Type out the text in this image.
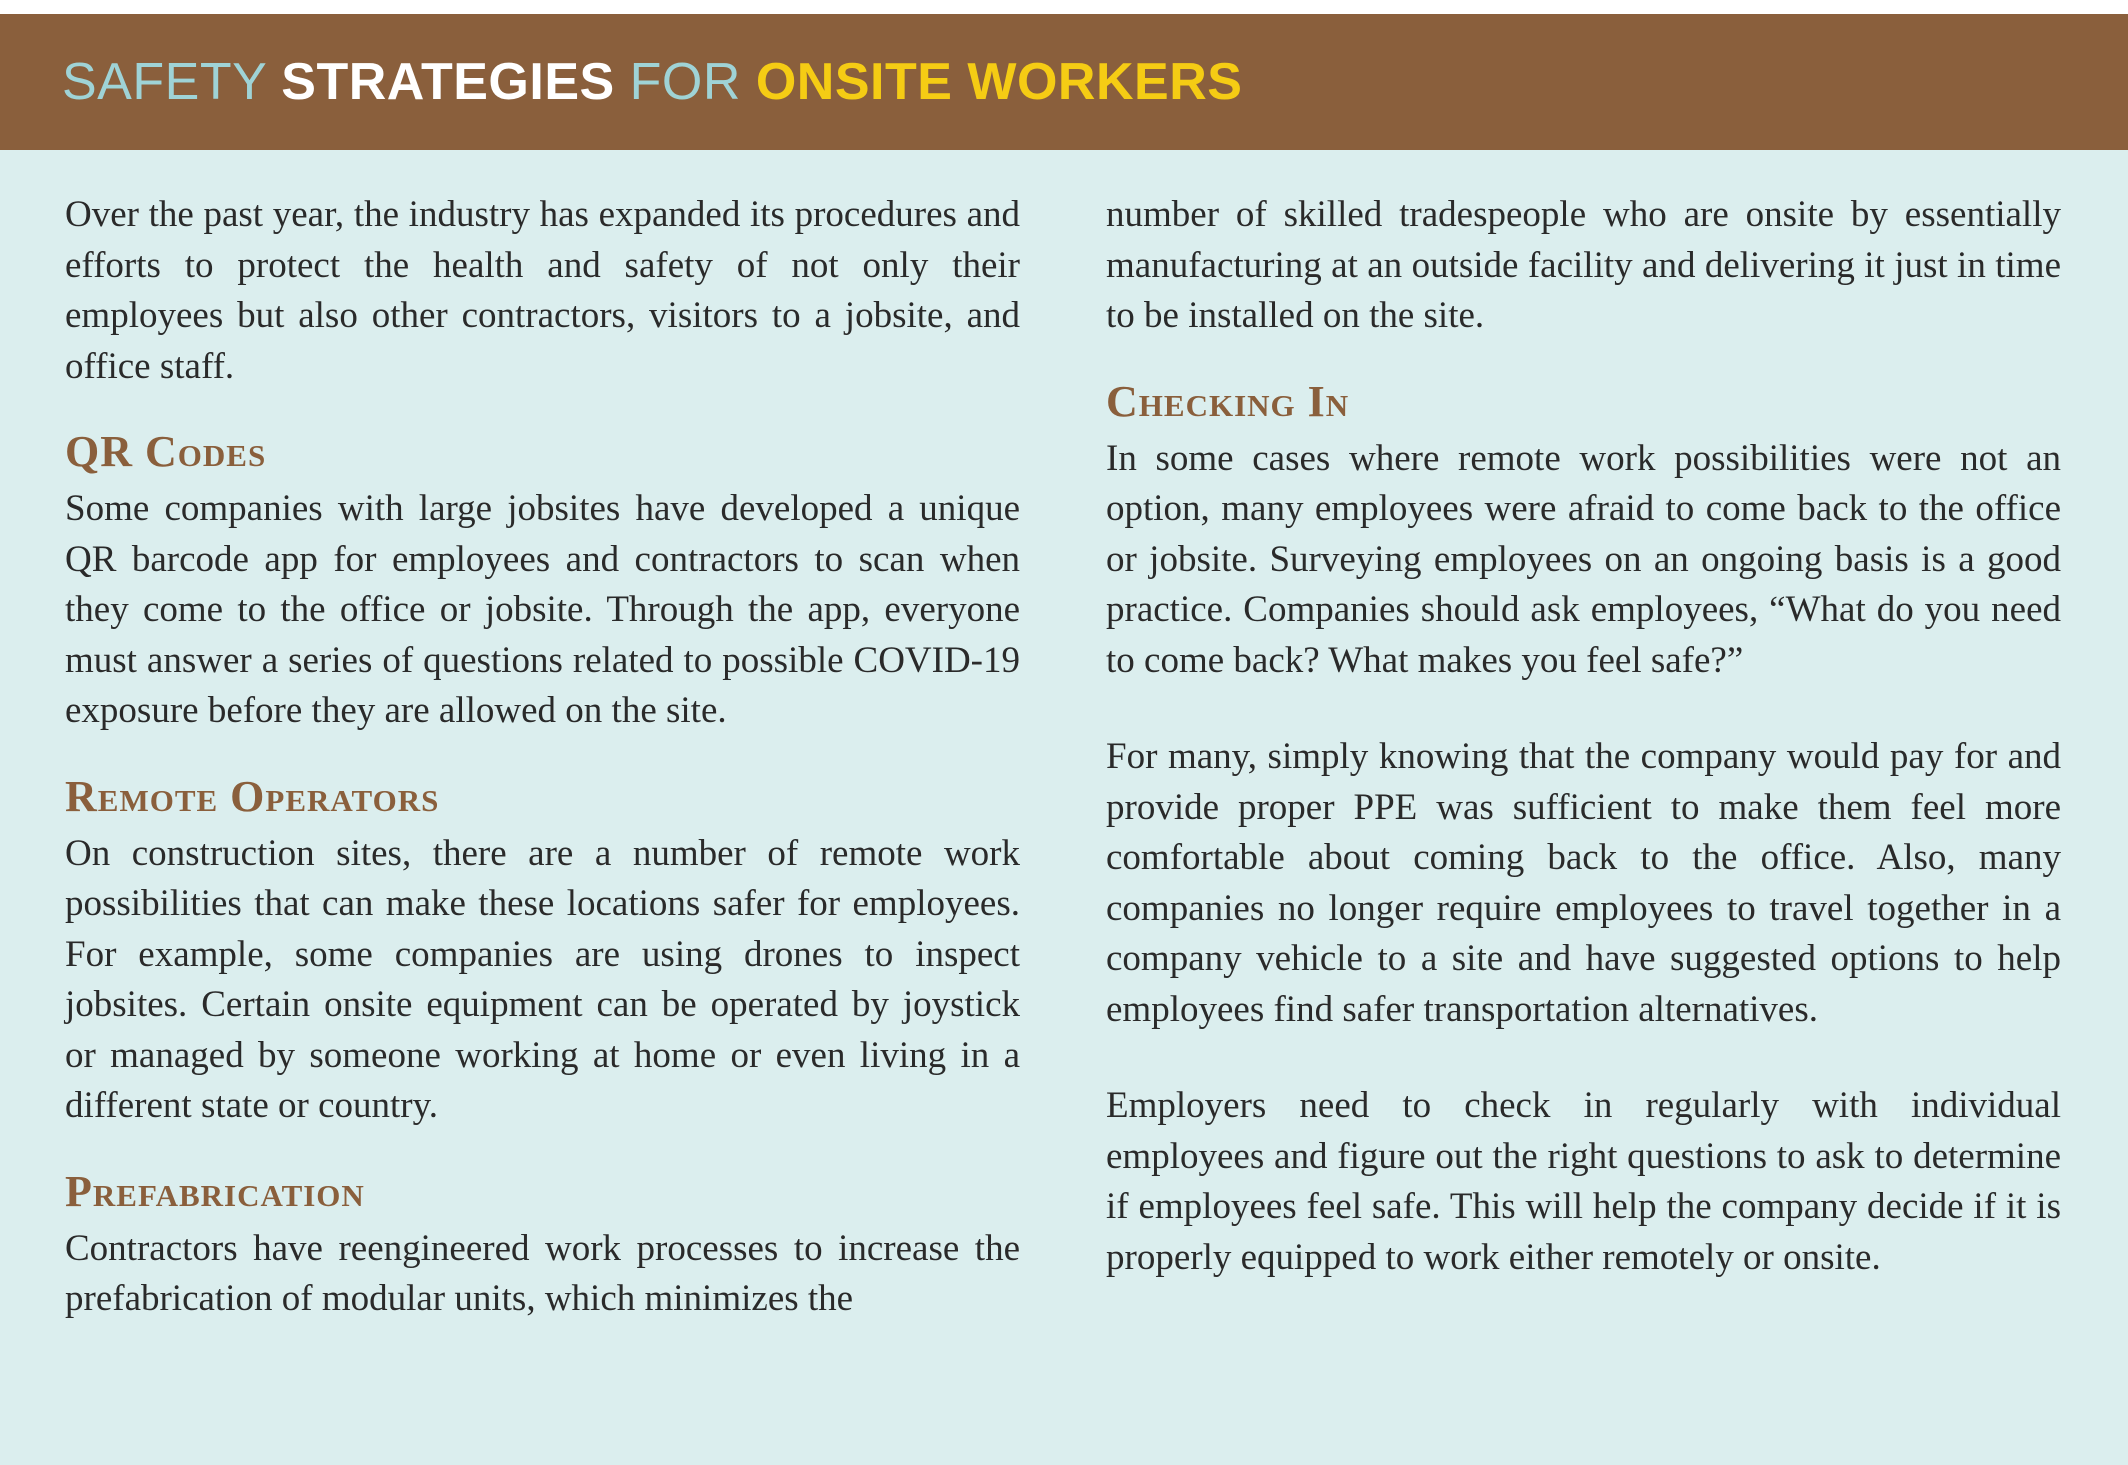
SAFETY STRATEGIES FOR ONSITE WORKERS

Over the past year, the industry has expanded its procedures and efforts to protect the health and safety of not only their employees but also other contractors, visitors to a jobsite, and office staff.

QR Codes

Some companies with large jobsites have developed a unique QR barcode app for employees and contractors to scan when they come to the office or jobsite. Through the app, everyone must answer a series of questions related to possible COVID-19 exposure before they are allowed on the site.

Remote Operators

On construction sites, there are a number of remote work possibilities that can make these locations safer for employees. For example, some companies are using drones to inspect jobsites. Certain onsite equipment can be operated by joystick or managed by someone working at home or even living in a different state or country.

Prefabrication

Contractors have reengineered work processes to increase the prefabrication of modular units, which minimizes the

number of skilled tradespeople who are onsite by essentially manufacturing at an outside facility and delivering it just in time to be installed on the site.

Checking In

In some cases where remote work possibilities were not an option, many employees were afraid to come back to the office or jobsite. Surveying employees on an ongoing basis is a good practice. Companies should ask employees, “What do you need to come back? What makes you feel safe?”

For many, simply knowing that the company would pay for and provide proper PPE was sufficient to make them feel more comfortable about coming back to the office. Also, many companies no longer require employees to travel together in a company vehicle to a site and have suggested options to help employees find safer transportation alternatives.

Employers need to check in regularly with individual employees and figure out the right questions to ask to determine if employees feel safe. This will help the company decide if it is properly equipped to work either remotely or onsite.
